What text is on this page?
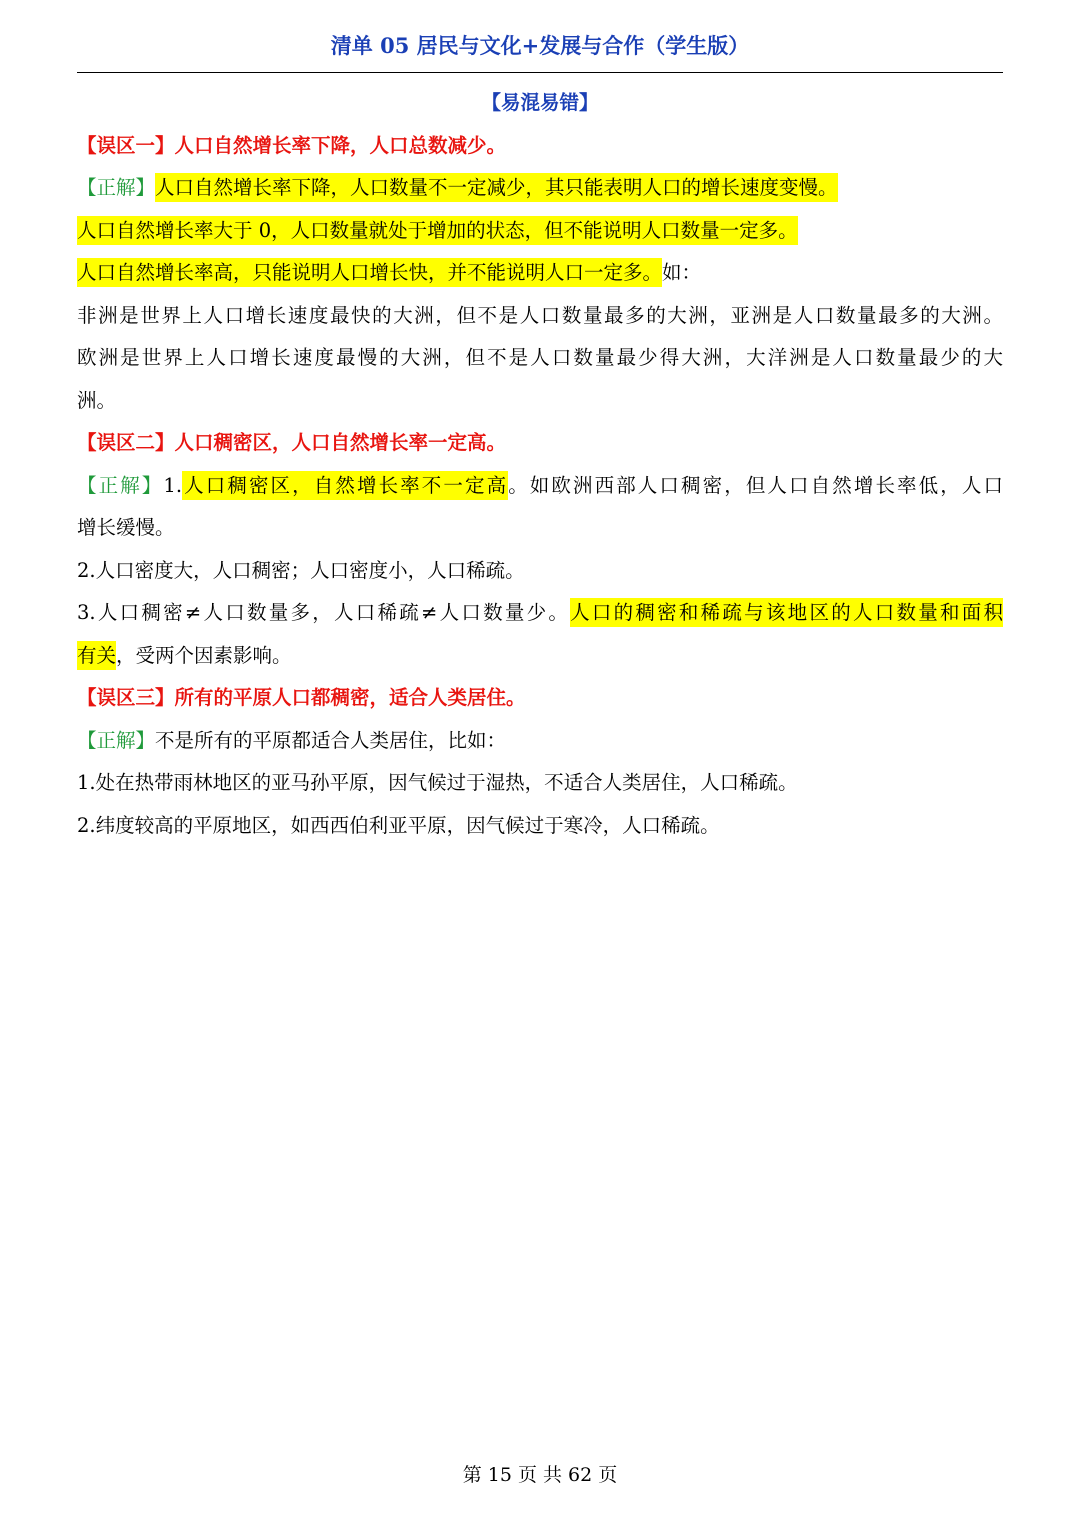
清单 05 居民与文化+发展与合作（学生版）
【易混易错】
【误区一】人口自然增长率下降，人口总数减少。
【正解】人口自然增长率下降，人口数量不一定减少，其只能表明人口的增长速度变慢。
人口自然增长率大于 0，人口数量就处于增加的状态，但不能说明人口数量一定多。
人口自然增长率高，只能说明人口增长快，并不能说明人口一定多。如：
非洲是世界上人口增长速度最快的大洲，但不是人口数量最多的大洲，亚洲是人口数量最多的大洲。
欧洲是世界上人口增长速度最慢的大洲，但不是人口数量最少得大洲，大洋洲是人口数量最少的大
洲。
【误区二】人口稠密区，人口自然增长率一定高。
【正解】1.人口稠密区，自然增长率不一定高。如欧洲西部人口稠密，但人口自然增长率低，人口
增长缓慢。
2.人口密度大，人口稠密；人口密度小，人口稀疏。
3.人口稠密≠人口数量多，人口稀疏≠人口数量少。人口的稠密和稀疏与该地区的人口数量和面积
有关，受两个因素影响。
【误区三】所有的平原人口都稠密，适合人类居住。
【正解】不是所有的平原都适合人类居住，比如：
1.处在热带雨林地区的亚马孙平原，因气候过于湿热，不适合人类居住，人口稀疏。
2.纬度较高的平原地区，如西西伯利亚平原，因气候过于寒冷，人口稀疏。
第 15 页 共 62 页
